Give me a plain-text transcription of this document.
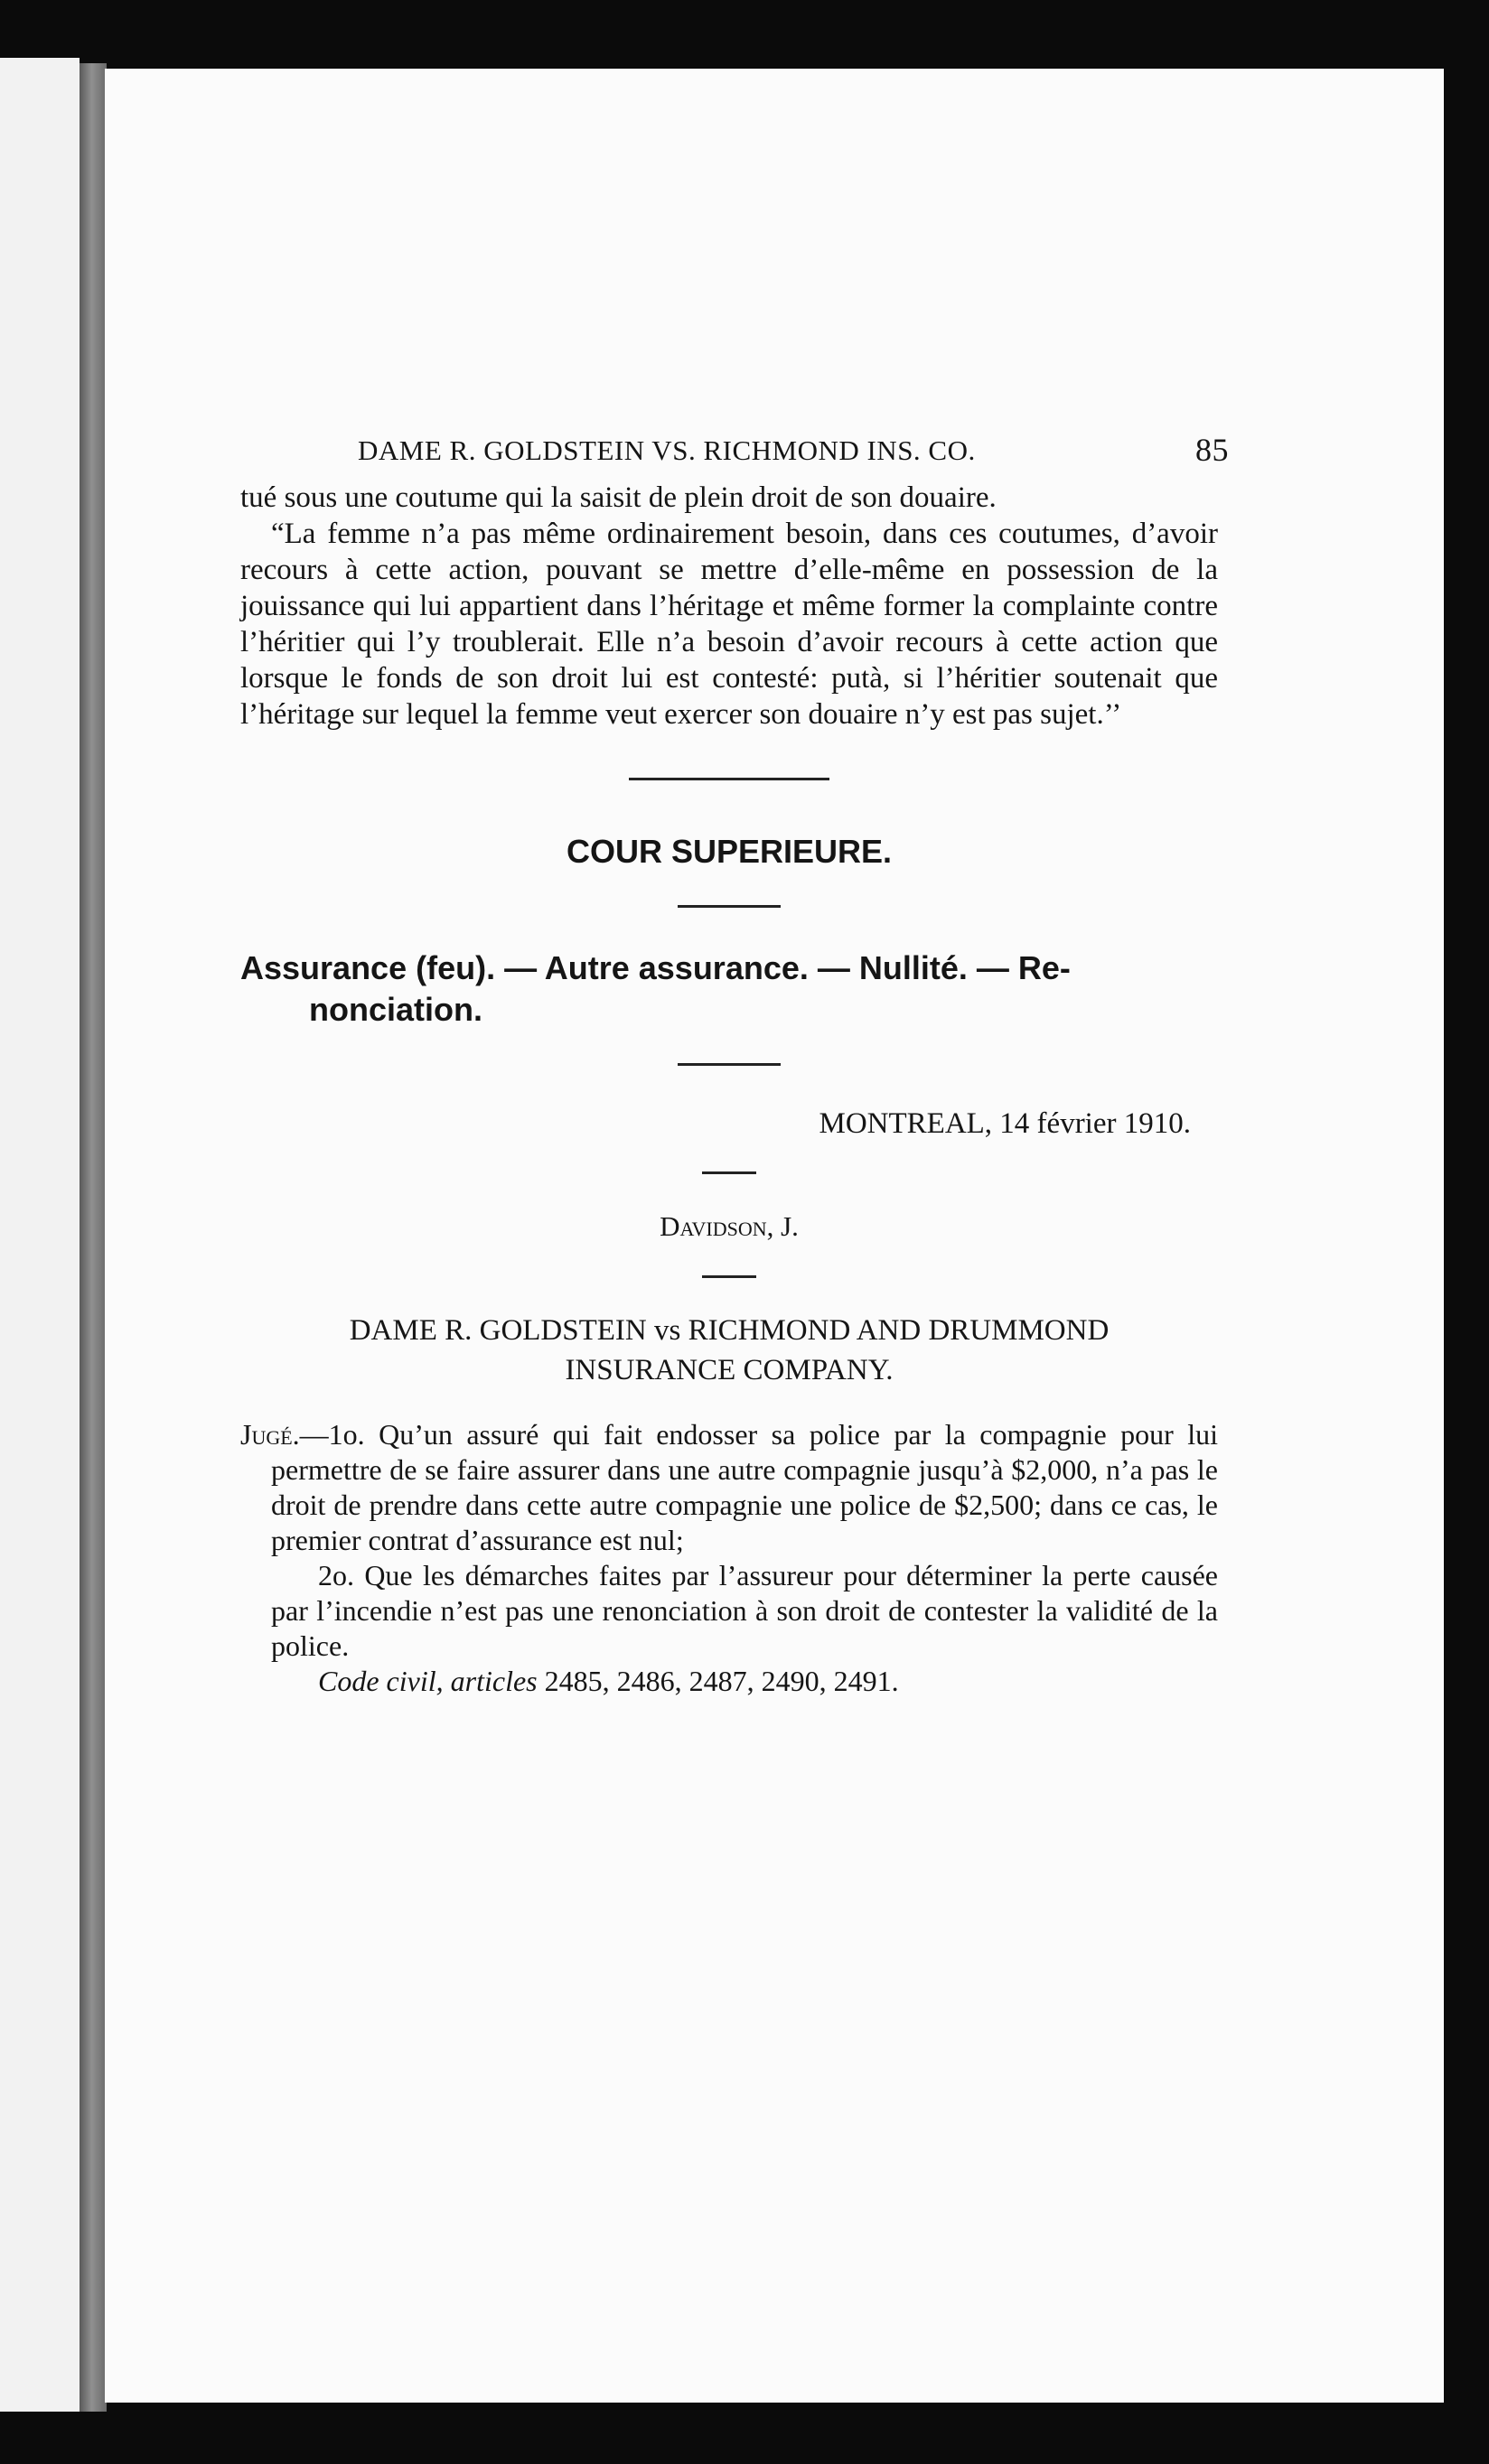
DAME R. GOLDSTEIN VS. RICHMOND INS. CO.	85

tué sous une coutume qui la saisit de plein droit de son douaire.

“La femme n’a pas même ordinairement besoin, dans ces coutumes, d’avoir recours à cette action, pouvant se mettre d’elle-même en possession de la jouissance qui lui appartient dans l’héritage et même former la complainte contre l’héritier qui l’y troublerait. Elle n’a besoin d’avoir recours à cette action que lorsque le fonds de son droit lui est contesté: putà, si l’héritier soutenait que l’héritage sur lequel la femme veut exercer son douaire n’y est pas sujet.’’

COUR SUPERIEURE.

Assurance (feu). — Autre assurance. — Nullité. — Re-
nonciation.

MONTREAL, 14 février 1910.

Davidson, J.

DAME R. GOLDSTEIN vs RICHMOND AND DRUMMOND
INSURANCE COMPANY.

Jugé.—1o. Qu’un assuré qui fait endosser sa police par la compagnie pour lui permettre de se faire assurer dans une autre compagnie jusqu’à $2,000, n’a pas le droit de prendre dans cette autre compagnie une police de $2,500; dans ce cas, le premier contrat d’assurance est nul;

2o. Que les démarches faites par l’assureur pour déterminer la perte causée par l’incendie n’est pas une renonciation à son droit de contester la validité de la police.

Code civil, articles 2485, 2486, 2487, 2490, 2491.
